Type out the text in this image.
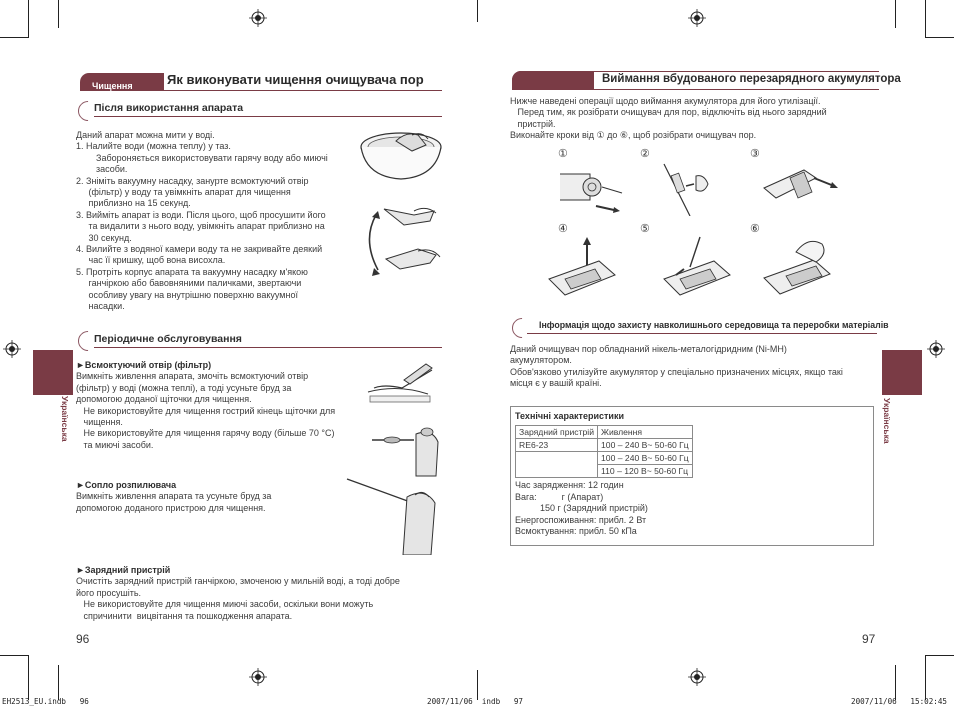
Чищення	Як виконувати чищення очищувача пор
Після використання апарата
Даний апарат можна мити у воді.
1. Налийте води (можна теплу) у таз.
Забороняється використовувати гарячу воду або миючі
засоби.
2. Зніміть вакуумну насадку, занурте всмоктуючий отвір
(фільтр) у воду та увімкніть апарат для чищення
приблизно на 15 секунд.
3. Вийміть апарат із води. Після цього, щоб просушити його
та видалити з нього воду, увімкніть апарат приблизно на
30 секунд.
4. Вилийте з водяної камери воду та не закривайте деякий
час її кришку, щоб вона висохла.
5. Протріть корпус апарата та вакуумну насадку м'якою
ганчіркою або бавовняними паличками, звертаючи
особливу увагу на внутрішню поверхню вакуумної
насадки.
Періодичне обслуговування
►Всмоктуючий отвір (фільтр)
Вимкніть живлення апарата, змочіть всмоктуючий отвір
(фільтр) у воді (можна теплі), а тоді усуньте бруд за
допомогою доданої щіточки для чищення.
Не використовуйте для чищення гострий кінець щіточки для
чищення.
Не використовуйте для чищення гарячу воду (більше 70 °C)
та миючі засоби.
►Сопло розпилювача
Вимкніть живлення апарата та усуньте бруд за
допомогою доданого пристрою для чищення.
►Зарядний пристрій
Очистіть зарядний пристрій ганчіркою, змоченою у мильній воді, а тоді добре
його просушіть.
Не використовуйте для чищення миючі засоби, оскільки вони можуть
спричинити  вицвітання та пошкодження апарата.
Українська
96
Виймання вбудованого перезарядного акумулятора
Нижче наведені операції щодо виймання акумулятора для його утилізації.
Перед тим, як розібрати очищувач для пор, відключіть від нього зарядний
пристрій.
Виконайте кроки від ① до ⑥, щоб розібрати очищувач пор.
①	②	③
④	⑤	⑥
Інформація щодо захисту навколишнього середовища та переробки матеріалів
Даний очищувач пор обладнаний нікель-металогідридним (Ni-MH)
акумулятором.
Обов'язково утилізуйте акумулятор у спеціально призначених місцях, якщо такі
місця є у вашій країні.
Технічні характеристики
Зарядний пристрій	Живлення
RE6-23	100 – 240 В~ 50-60 Гц
	100 – 240 В~ 50-60 Гц
	110 – 120 В~ 50-60 Гц
Час зарядження: 12 годин
Вага:          г (Апарат)
150 г (Зарядний пристрій)
Енергоспоживання: прибл. 2 Вт
Всмоктування: прибл. 50 кПа
Українська
97
EH2513_EU.indb   96	2007/11/06  indb   97	2007/11/06   15:02:45
